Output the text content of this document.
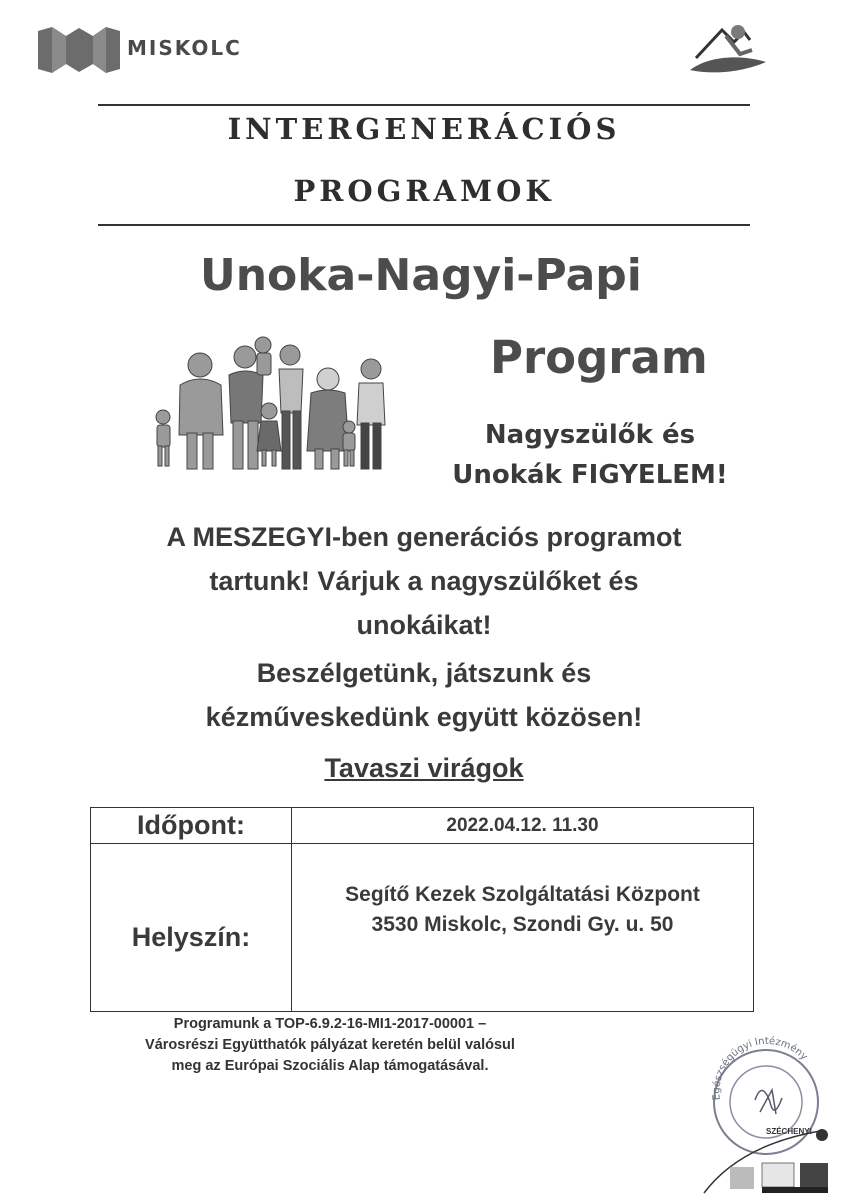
MISKOLC
INTERGENERÁCIÓS
PROGRAMOK
Unoka-Nagyi-Papi
Program
Nagyszülők és
Unokák FIGYELEM!
A MESZEGYI-ben generációs programot
tartunk! Várjuk a nagyszülőket és
unokáikat!
Beszélgetünk, játszunk és
kézműveskedünk együtt közösen!
Tavaszi virágok
Időpont:	2022.04.12. 11.30
Helyszín:	Segítő Kezek Szolgáltatási Központ
3530 Miskolc, Szondi Gy. u. 50
Programunk a TOP-6.9.2-16-MI1-2017-00001 –
Városrészi Együtthatók pályázat keretén belül valósul
meg az Európai Szociális Alap támogatásával.
Egészségügyi Intézmény
SZÉCHENYI
